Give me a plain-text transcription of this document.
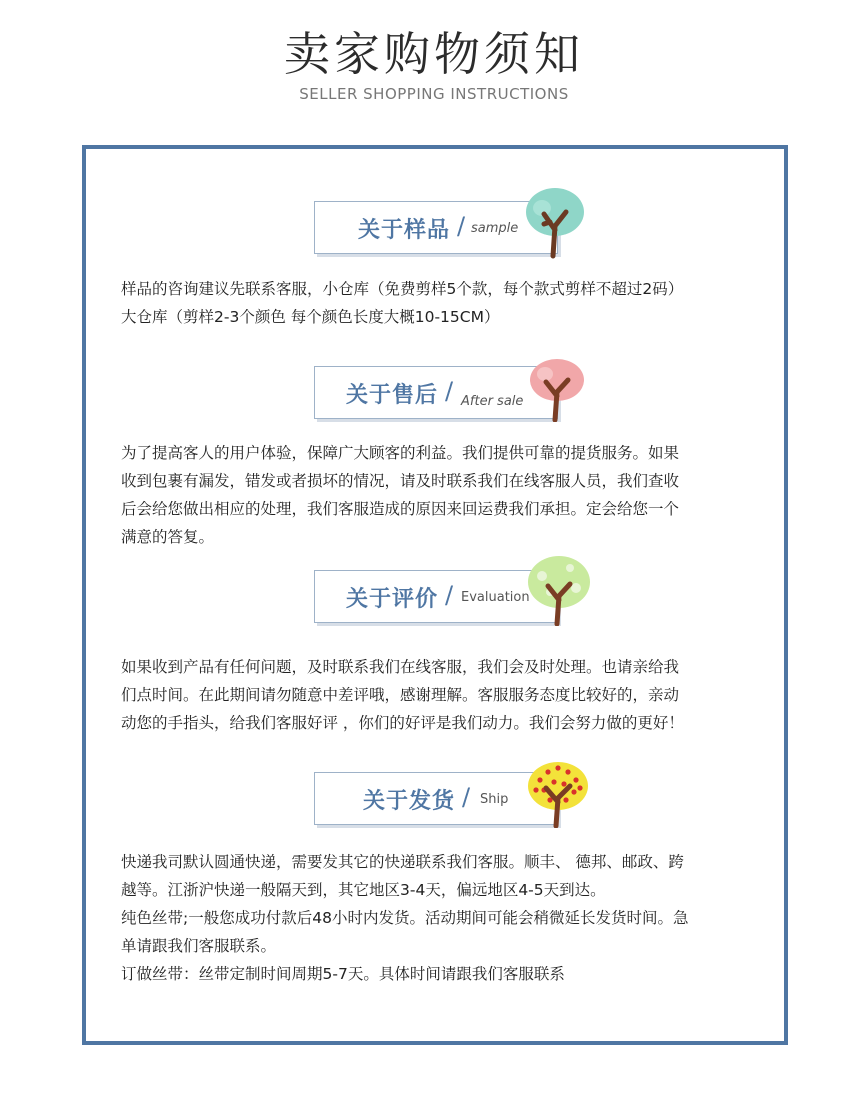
卖家购物须知
SELLER SHOPPING INSTRUCTIONS
关于样品 / sample

样品的咨询建议先联系客服，小仓库（免费剪样5个款，每个款式剪样不超过2码）

大仓库（剪样2-3个颜色 每个颜色长度大概10-15CM）

关于售后 / After sale

为了提高客人的用户体验，保障广大顾客的利益。我们提供可靠的提货服务。如果

收到包裹有漏发，错发或者损坏的情况，请及时联系我们在线客服人员，我们查收

后会给您做出相应的处理，我们客服造成的原因来回运费我们承担。定会给您一个

满意的答复。

关于评价 / Evaluation

如果收到产品有任何问题，及时联系我们在线客服，我们会及时处理。也请亲给我

们点时间。在此期间请勿随意中差评哦，感谢理解。客服服务态度比较好的，亲动

动您的手指头，给我们客服好评 ，你们的好评是我们动力。我们会努力做的更好！

关于发货 / Ship

快递我司默认圆通快递，需要发其它的快递联系我们客服。顺丰、 德邦、邮政、跨

越等。江浙沪快递一般隔天到，其它地区3-4天，偏远地区4-5天到达。

纯色丝带;一般您成功付款后48小时内发货。活动期间可能会稍微延长发货时间。急

单请跟我们客服联系。

订做丝带：丝带定制时间周期5-7天。具体时间请跟我们客服联系
